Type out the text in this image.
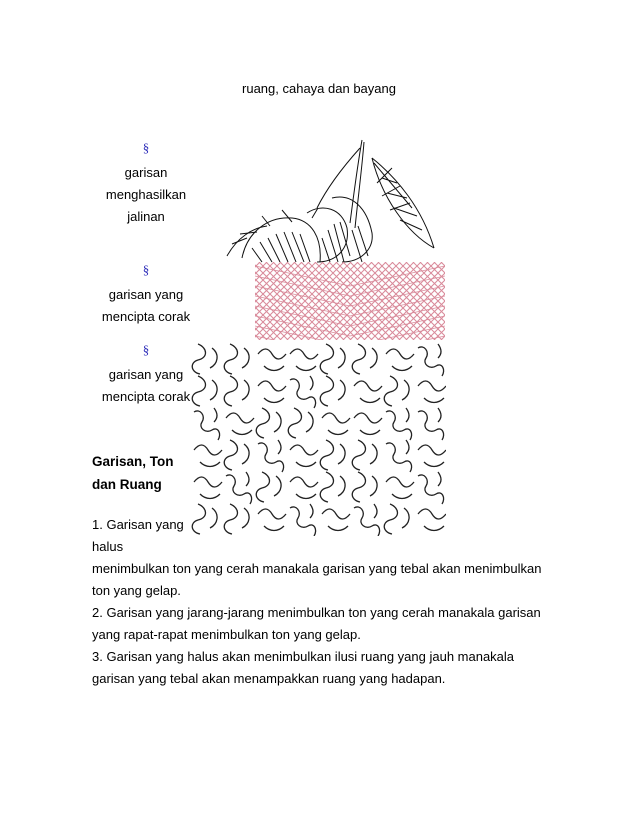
ruang, cahaya dan bayang
§
garisan
menghasilkan
jalinan
§
garisan yang
mencipta corak
§
garisan yang
mencipta corak
Garisan, Ton
dan Ruang
1. Garisan yang
halus
menimbulkan ton yang cerah manakala garisan yang tebal akan menimbulkan
ton yang gelap.
2. Garisan yang jarang-jarang menimbulkan ton yang cerah manakala garisan
yang rapat-rapat menimbulkan ton yang gelap.
3. Garisan yang halus akan menimbulkan ilusi ruang yang jauh manakala
garisan yang tebal akan menampakkan ruang yang hadapan.
